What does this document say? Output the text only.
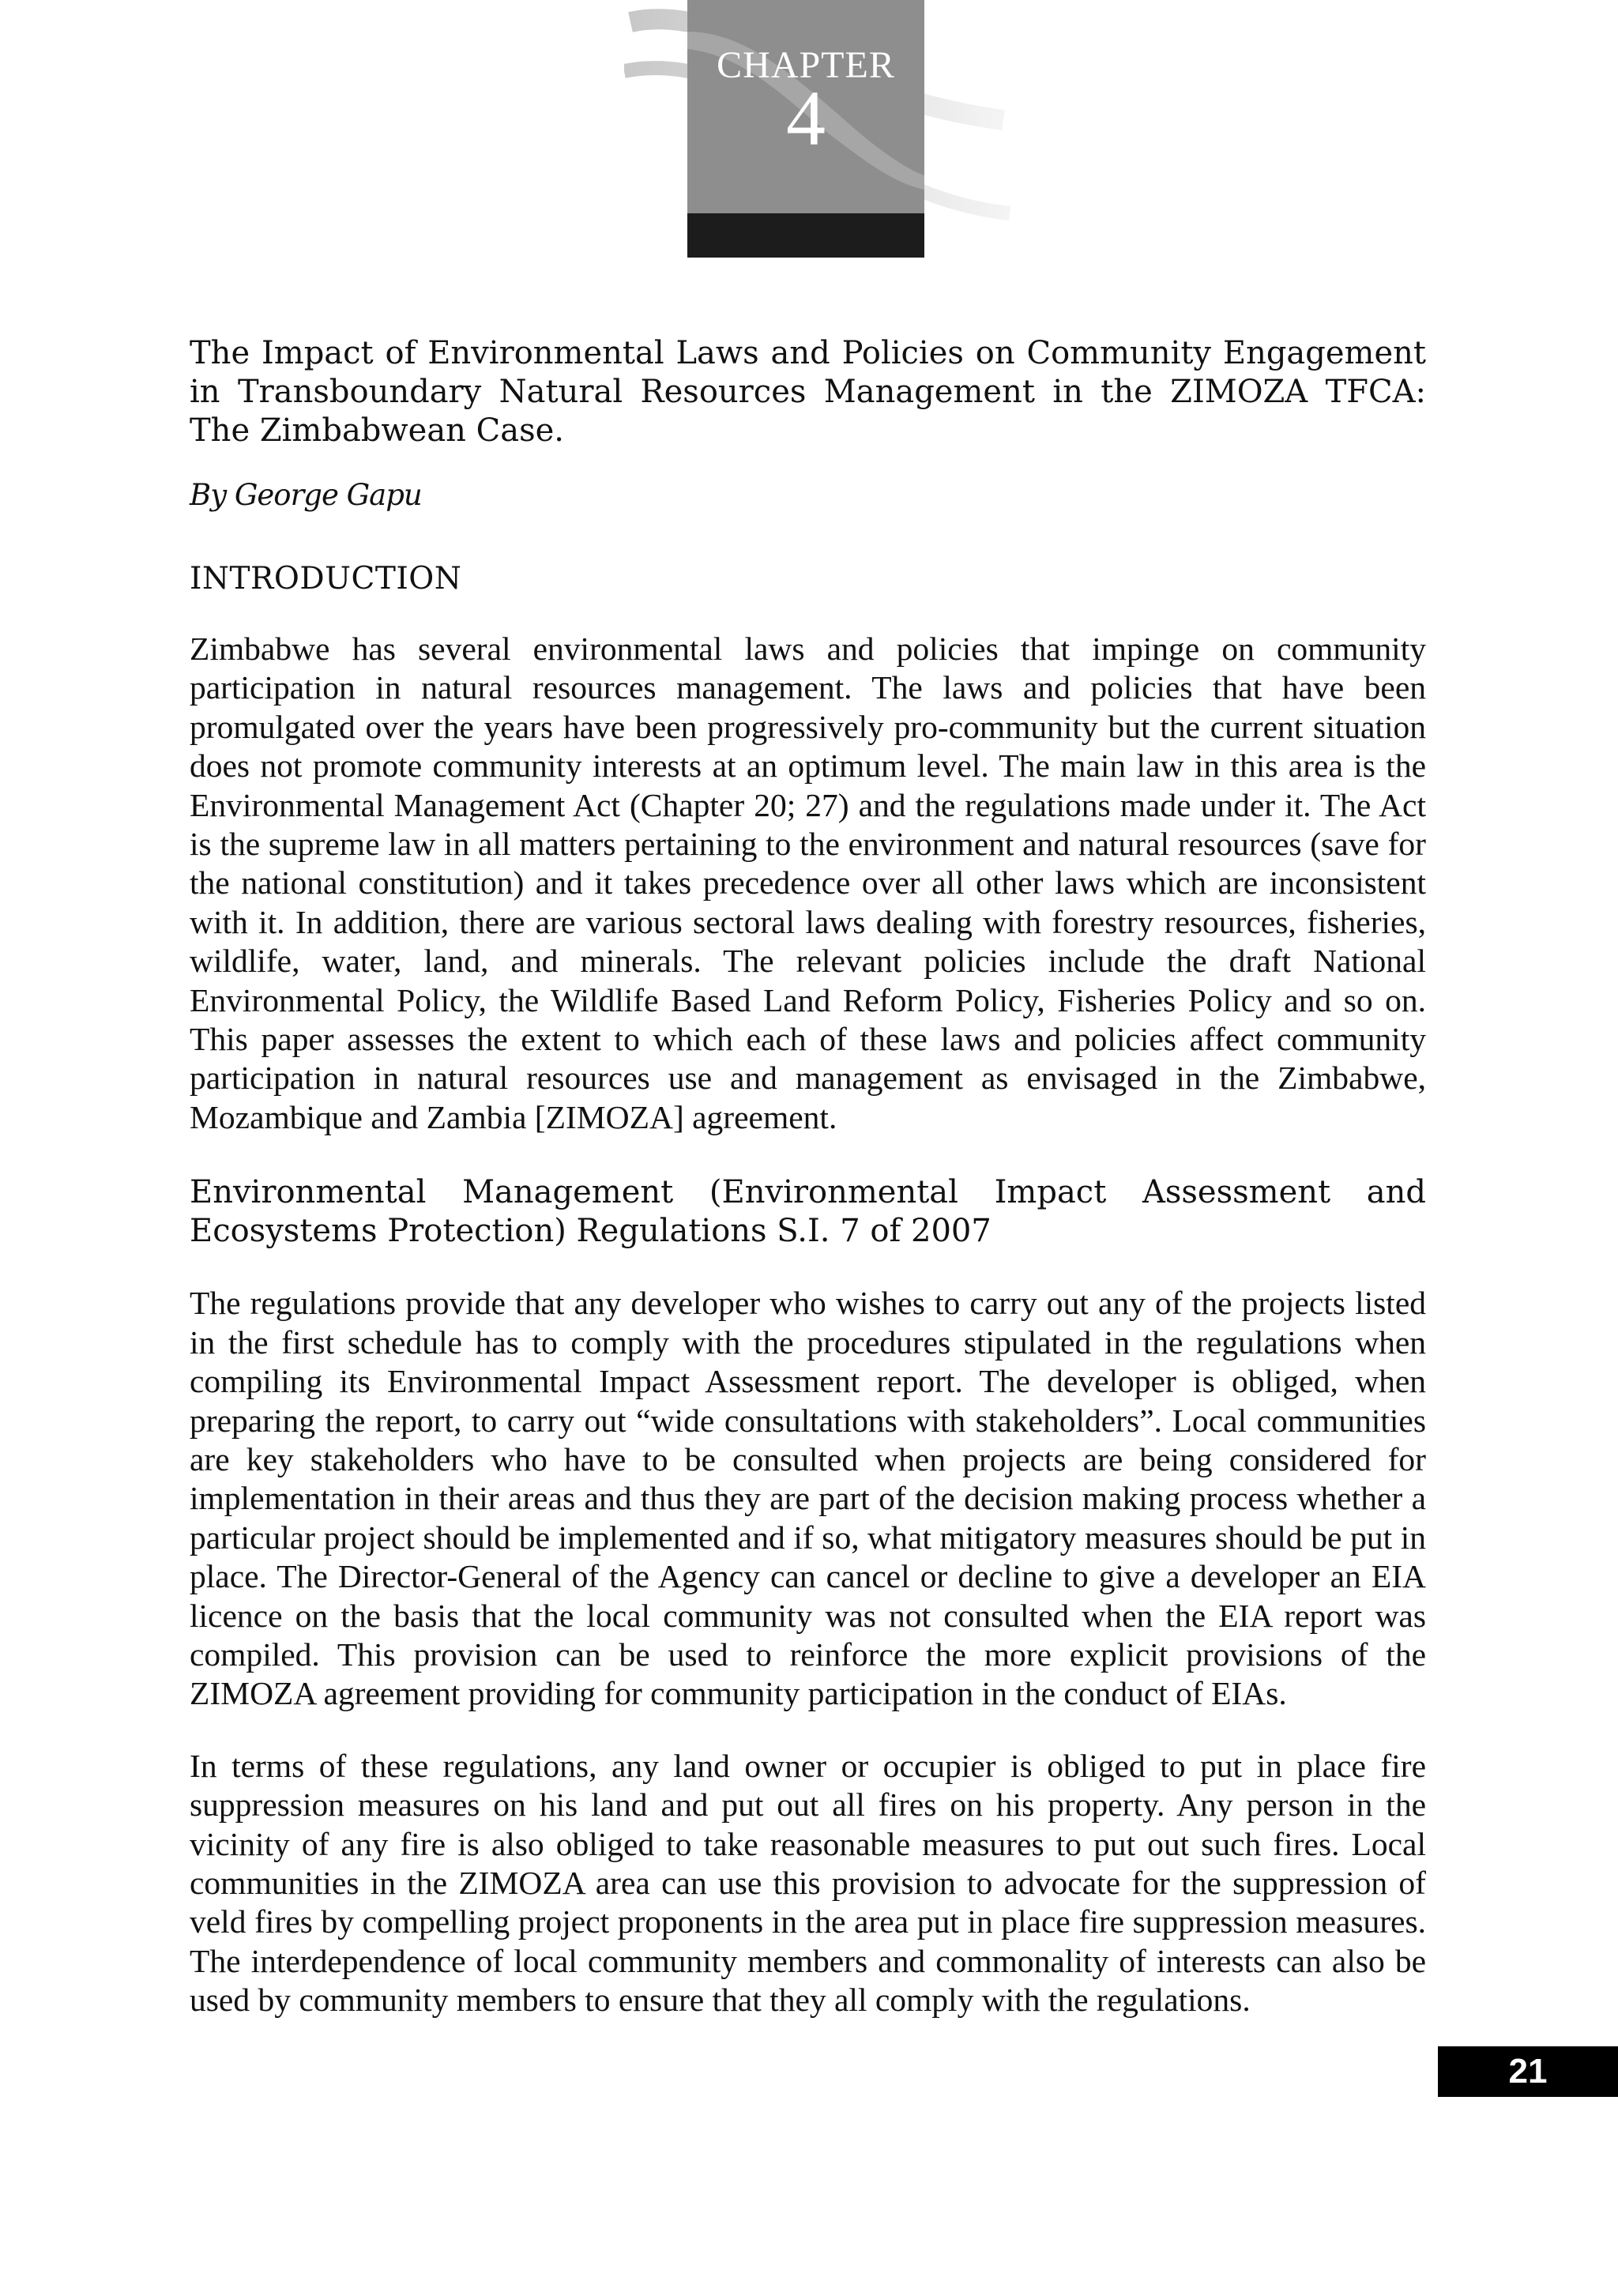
CHAPTER
4

The Impact of Environmental Laws and Policies on Community Engagement in Transboundary Natural Resources Management in the ZIMOZA TFCA: The Zimbabwean Case.

By George Gapu

INTRODUCTION

Zimbabwe has several environmental laws and policies that impinge on community participation in natural resources management. The laws and policies that have been promulgated over the years have been progressively pro-community but the current situation does not promote community interests at an optimum level. The main law in this area is the Environmental Management Act (Chapter 20; 27) and the regulations made under it. The Act is the supreme law in all matters pertaining to the environment and natural resources (save for the national constitution) and it takes precedence over all other laws which are inconsistent with it. In addition, there are various sectoral laws dealing with forestry resources, fisheries, wildlife, water, land, and minerals. The relevant policies include the draft National Environmental Policy, the Wildlife Based Land Reform Policy, Fisheries Policy and so on. This paper assesses the extent to which each of these laws and policies affect community participation in natural resources use and management as envisaged in the Zimbabwe, Mozambique and Zambia [ZIMOZA] agreement.

Environmental Management (Environmental Impact Assessment and Ecosystems Protection) Regulations S.I. 7 of 2007

The regulations provide that any developer who wishes to carry out any of the projects listed in the first schedule has to comply with the procedures stipulated in the regulations when compiling its Environmental Impact Assessment report. The developer is obliged, when preparing the report, to carry out “wide consultations with stakeholders”. Local communities are key stakeholders who have to be consulted when projects are being considered for implementation in their areas and thus they are part of the decision making process whether a particular project should be implemented and if so, what mitigatory measures should be put in place. The Director-General of the Agency can cancel or decline to give a developer an EIA licence on the basis that the local community was not consulted when the EIA report was compiled. This provision can be used to reinforce the more explicit provisions of the ZIMOZA agreement providing for community participation in the conduct of EIAs.

In terms of these regulations, any land owner or occupier is obliged to put in place fire suppression measures on his land and put out all fires on his property. Any person in the vicinity of any fire is also obliged to take reasonable measures to put out such fires. Local communities in the ZIMOZA area can use this provision to advocate for the suppression of veld fires by compelling project proponents in the area put in place fire suppression measures. The interdependence of local community members and commonality of interests can also be used by community members to ensure that they all comply with the regulations.

21
